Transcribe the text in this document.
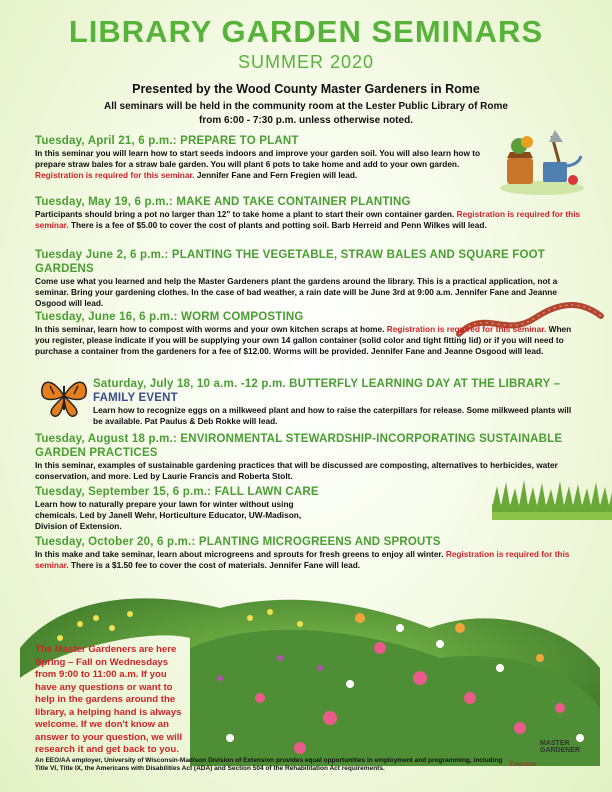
LIBRARY GARDEN SEMINARS
SUMMER 2020
Presented by the Wood County Master Gardeners in Rome
All seminars will be held in the community room at the Lester Public Library of Rome
from 6:00 - 7:30 p.m. unless otherwise noted.
Tuesday, April 21, 6 p.m.: PREPARE TO PLANT
In this seminar you will learn how to start seeds indoors and improve your garden soil. You will also learn how to prepare straw bales for a straw bale garden. You will plant 6 pots to take home and add to your own garden. Registration is required for this seminar. Jennifer Fane and Fern Fregien will lead.
Tuesday, May 19, 6 p.m.: MAKE AND TAKE CONTAINER PLANTING
Participants should bring a pot no larger than 12" to take home a plant to start their own container garden. Registration is required for this seminar. There is a fee of $5.00 to cover the cost of plants and potting soil. Barb Herreid and Penn Wilkes will lead.
Tuesday June 2, 6 p.m.: PLANTING THE VEGETABLE, STRAW BALES AND SQUARE FOOT GARDENS
Come use what you learned and help the Master Gardeners plant the gardens around the library. This is a practical application, not a seminar. Bring your gardening clothes. In the case of bad weather, a rain date will be June 3rd at 9:00 a.m. Jennifer Fane and Jeanne Osgood will lead.
Tuesday, June 16, 6 p.m.: WORM COMPOSTING
In this seminar, learn how to compost with worms and your own kitchen scraps at home. Registration is required for this seminar. When you register, please indicate if you will be supplying your own 14 gallon container (solid color and tight fitting lid) or if you will need to purchase a container from the gardeners for a fee of $12.00. Worms will be provided. Jennifer Fane and Jeanne Osgood will lead.
Saturday, July 18, 10 a.m. -12 p.m. BUTTERFLY LEARNING DAY AT THE LIBRARY –
FAMILY EVENT
Learn how to recognize eggs on a milkweed plant and how to raise the caterpillars for release. Some milkweed plants will be available. Pat Paulus & Deb Rokke will lead.
Tuesday, August 18 p.m.: ENVIRONMENTAL STEWARDSHIP-INCORPORATING SUSTAINABLE GARDEN PRACTICES
In this seminar, examples of sustainable gardening practices that will be discussed are composting, alternatives to herbicides, water conservation, and more. Led by Laurie Francis and Roberta Stolt.
Tuesday, September 15, 6 p.m.: FALL LAWN CARE
Learn how to naturally prepare your lawn for winter without using chemicals. Led by Janell Wehr, Horticulture Educator, UW-Madison, Division of Extension.
Tuesday, October 20, 6 p.m.: PLANTING MICROGREENS AND SPROUTS
In this make and take seminar, learn about microgreens and sprouts for fresh greens to enjoy all winter. Registration is required for this seminar. There is a $1.50 fee to cover the cost of materials. Jennifer Fane will lead.
The Master Gardeners are here Spring – Fall on Wednesdays from 9:00 to 11:00 a.m. If you have any questions or want to help in the gardens around the library, a helping hand is always welcome. If we don't know an answer to your question, we will research it and get back to you.
MASTER GARDENER
Extension
An EEO/AA employer, University of Wisconsin-Madison Division of Extension provides equal opportunities in employment and programming, including Title VI, Title IX, the Americans with Disabilities Act (ADA) and Section 504 of the Rehabilitation Act requirements.
